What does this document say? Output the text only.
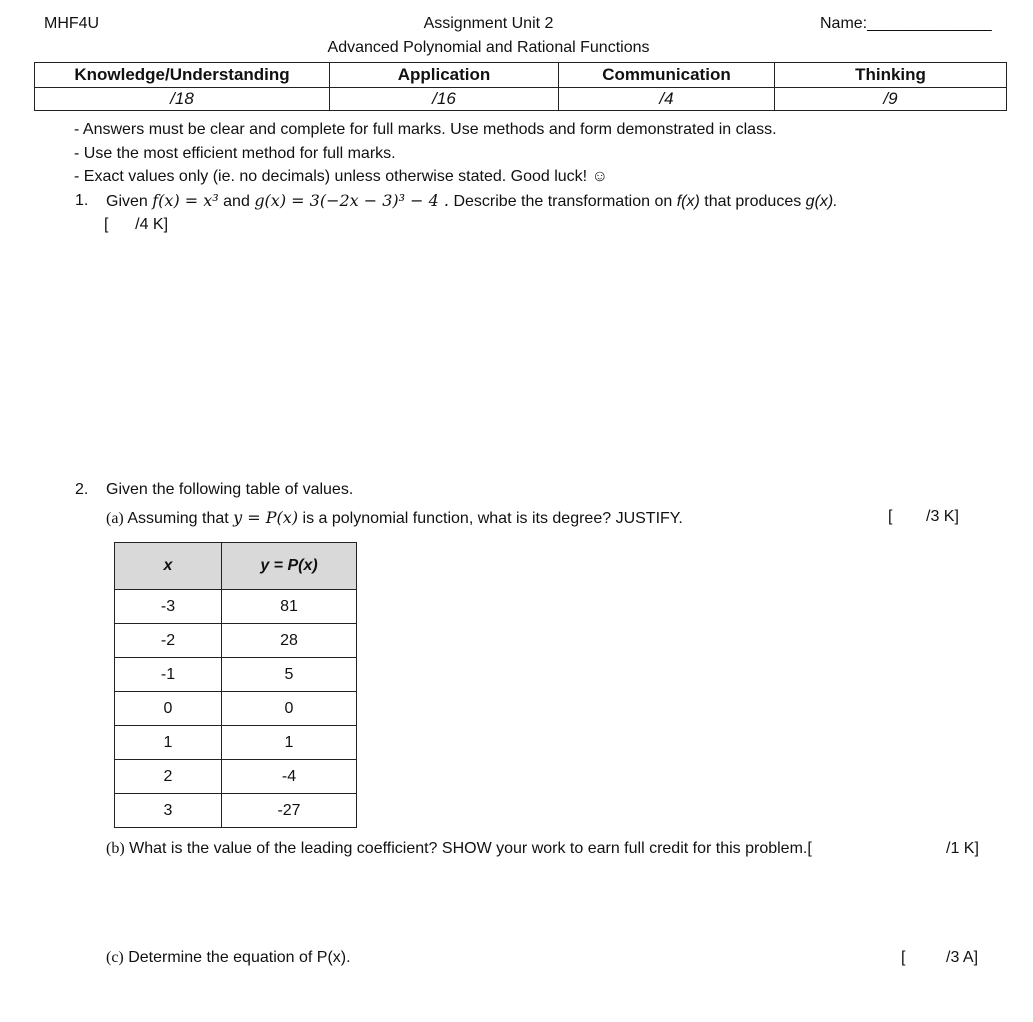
MHF4U	Assignment Unit 2
Advanced Polynomial and Rational Functions
Name:______________
Knowledge/Understanding	Application	Communication	Thinking
/18	/16	/4	/9
- Answers must be clear and complete for full marks. Use methods and form demonstrated in class.
- Use the most efficient method for full marks.
- Exact values only (ie. no decimals) unless otherwise stated. Good luck! ☺
1. Given f(x) = x³ and g(x) = 3(−2x − 3)³ − 4 . Describe the transformation on f(x) that produces g(x).
[      /4 K]
2. Given the following table of values.
(a) Assuming that y = P(x) is a polynomial function, what is its degree? JUSTIFY.	[ /3 K]
x	y = P(x)
-3	81
-2	28
-1	5
0	0
1	1
2	-4
3	-27
(b) What is the value of the leading coefficient? SHOW your work to earn full credit for this problem.[	/1 K]
(c) Determine the equation of P(x).	[	/3 A]
